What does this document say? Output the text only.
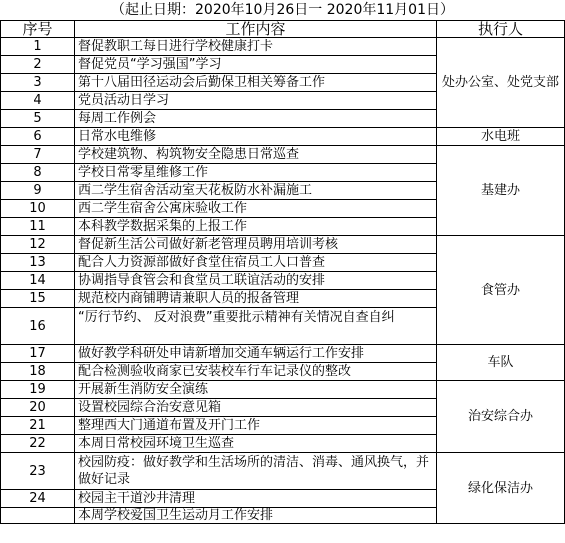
（起止日期：2020年10月26日一 2020年11月01日）
序号	工作内容	执行人
1	督促教职工每日进行学校健康打卡	处办公室、处党支部
2	督促党员“学习强国”学习	
3	第十八届田径运动会后勤保卫相关筹备工作	
4	党员活动日学习	
5	每周工作例会	
6	日常水电维修	水电班
7	学校建筑物、构筑物安全隐患日常巡查	基建办
8	学校日常零星维修工作	
9	西二学生宿舍活动室天花板防水补漏施工	
10	西二学生宿舍公寓床验收工作	
11	本科教学数据采集的上报工作	
12	督促新生活公司做好新老管理员聘用培训考核	食管办
13	配合人力资源部做好食堂住宿员工人口普查	
14	协调指导食管会和食堂员工联谊活动的安排	
15	规范校内商铺聘请兼职人员的报备管理	
16	“厉行节约、 反对浪费”重要批示精神有关情况自查自纠	
17	做好教学科研处申请新增加交通车辆运行工作安排	车队
18	配合检测验收商家已安装校车行车记录仪的整改	
19	开展新生消防安全演练	治安综合办
20	设置校园综合治安意见箱	
21	整理西大门通道布置及开门工作	
22	本周日常校园环境卫生巡查	
23	校园防疫：做好教学和生活场所的清洁、消毒、通风换气，并做好记录	绿化保洁办
24	校园主干道沙井清理	
	本周学校爱国卫生运动月工作安排	
